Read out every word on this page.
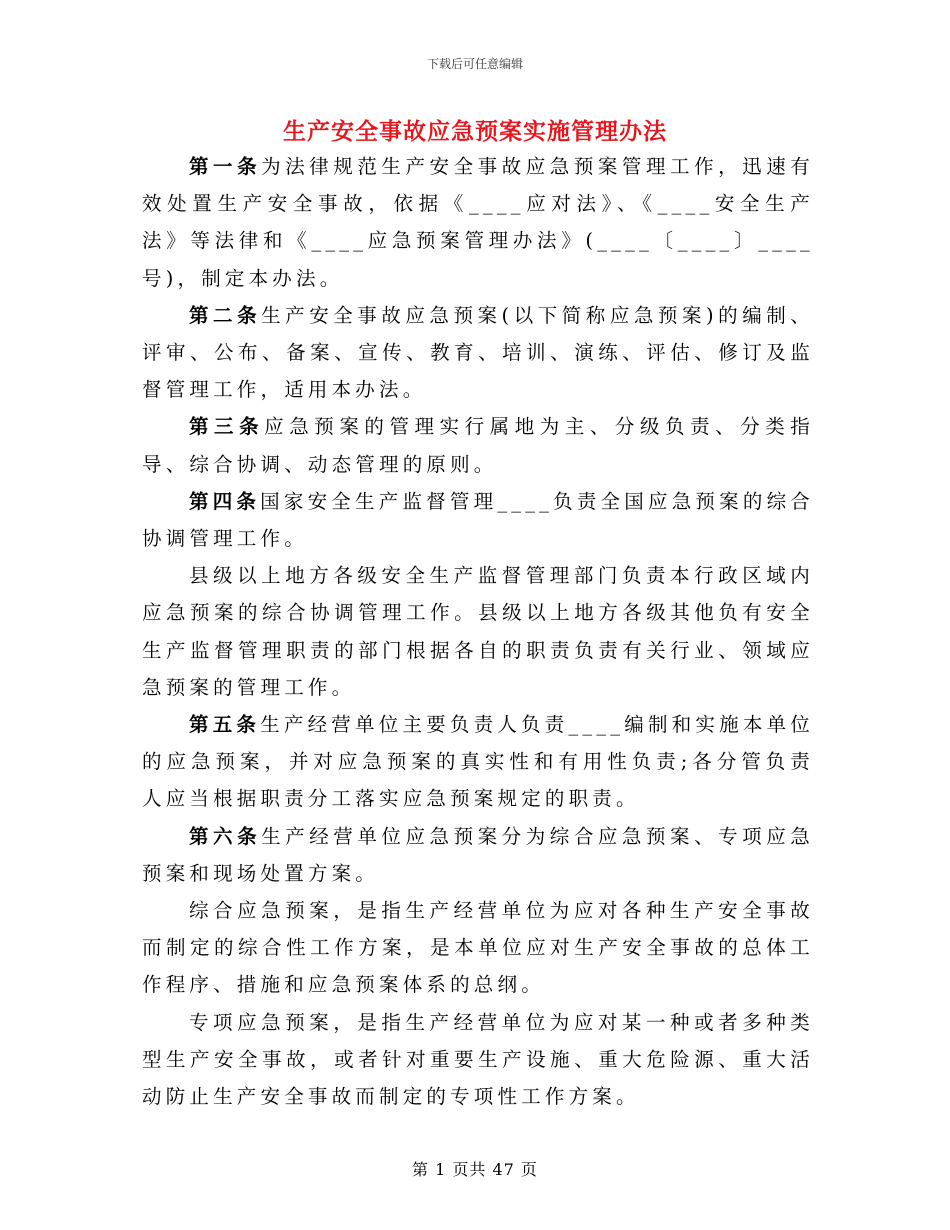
下载后可任意编辑
生产安全事故应急预案实施管理办法

第一条为法律规范生产安全事故应急预案管理工作，迅速有效处置生产安全事故，依据《____应对法》、《____安全生产法》等法律和《____应急预案管理办法》(____〔____〕____号)，制定本办法。

第二条生产安全事故应急预案(以下简称应急预案)的编制、评审、公布、备案、宣传、教育、培训、演练、评估、修订及监督管理工作，适用本办法。

第三条应急预案的管理实行属地为主、分级负责、分类指导、综合协调、动态管理的原则。

第四条国家安全生产监督管理____负责全国应急预案的综合协调管理工作。

县级以上地方各级安全生产监督管理部门负责本行政区域内应急预案的综合协调管理工作。县级以上地方各级其他负有安全生产监督管理职责的部门根据各自的职责负责有关行业、领域应急预案的管理工作。

第五条生产经营单位主要负责人负责____编制和实施本单位的应急预案，并对应急预案的真实性和有用性负责;各分管负责人应当根据职责分工落实应急预案规定的职责。

第六条生产经营单位应急预案分为综合应急预案、专项应急预案和现场处置方案。

综合应急预案，是指生产经营单位为应对各种生产安全事故而制定的综合性工作方案，是本单位应对生产安全事故的总体工作程序、措施和应急预案体系的总纲。

专项应急预案，是指生产经营单位为应对某一种或者多种类型生产安全事故，或者针对重要生产设施、重大危险源、重大活动防止生产安全事故而制定的专项性工作方案。

第 1 页共 47 页
